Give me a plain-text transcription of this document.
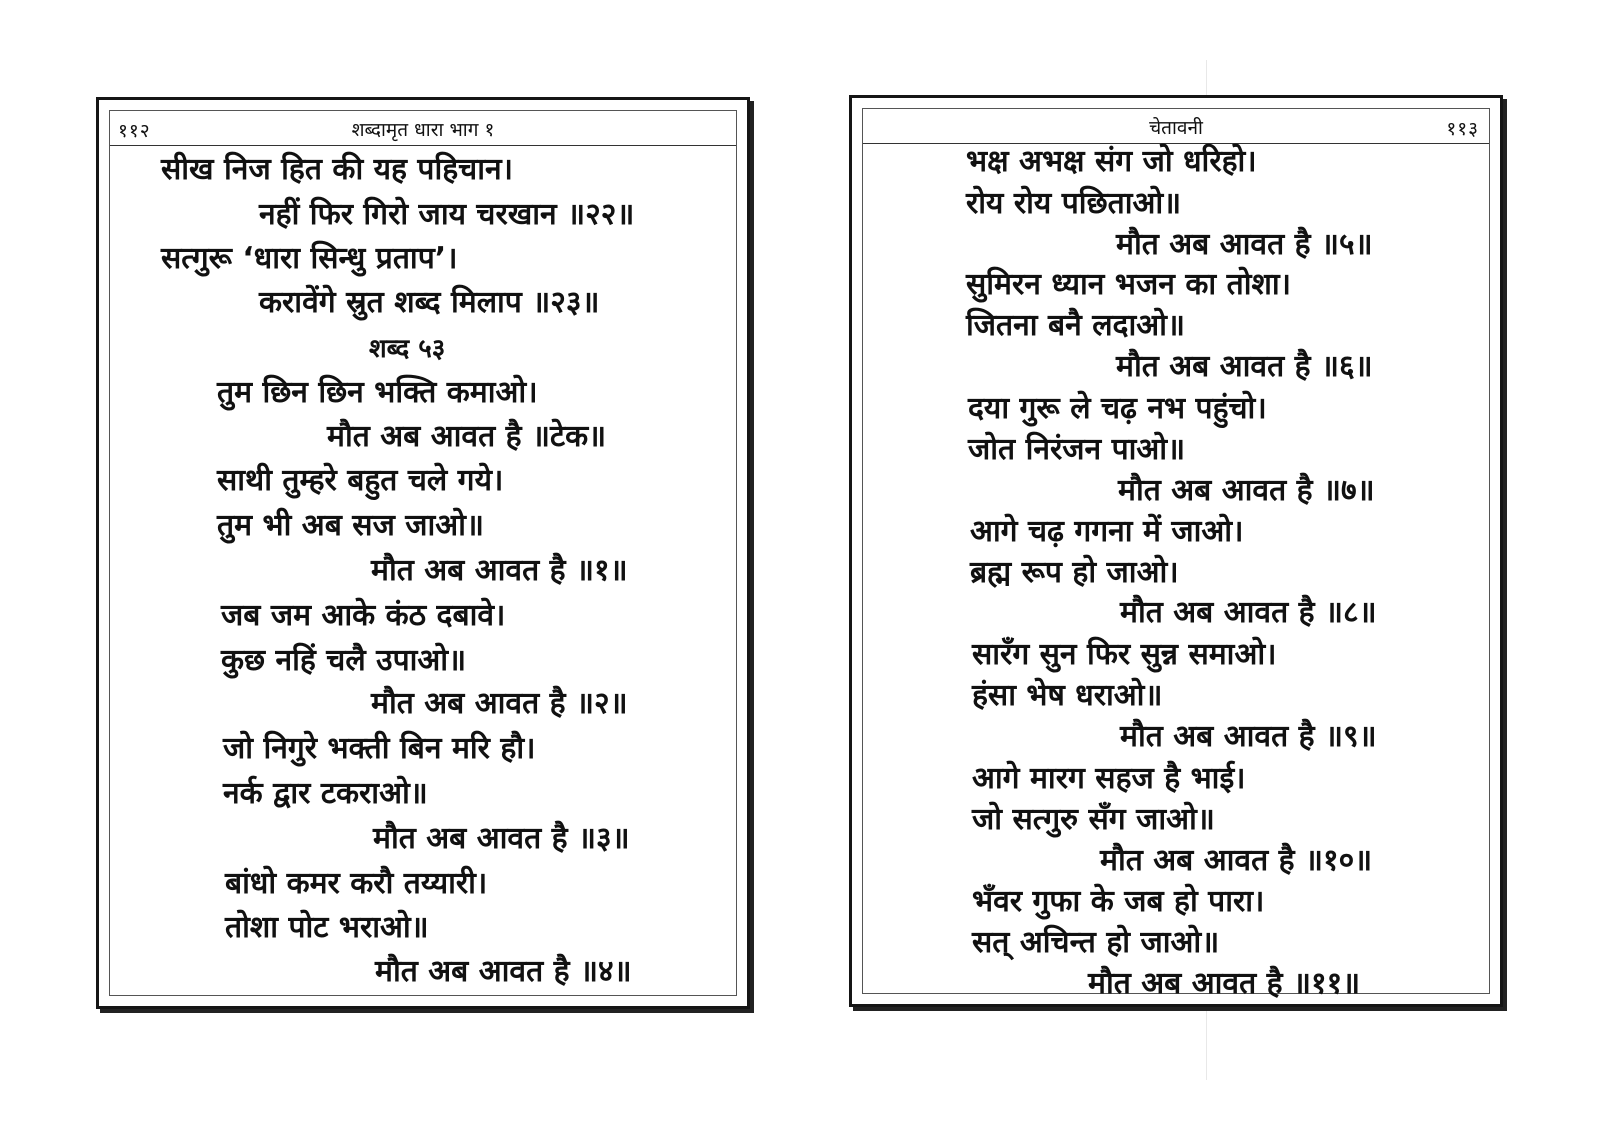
११२	शब्दामृत धारा भाग १
सीख निज हित की यह पहिचान।
नहीं फिर गिरो जाय चरखान ॥२२॥
सत्गुरू ‘धारा सिन्धु प्रताप’।
करावेंगे स्रुत शब्द मिलाप ॥२३॥
शब्द ५३
तुम छिन छिन भक्ति कमाओ।
मौत अब आवत है ॥टेक॥
साथी तुम्हरे बहुत चले गये।
तुम भी अब सज जाओ॥
मौत अब आवत है ॥१॥
जब जम आके कंठ दबावे।
कुछ नहिं चलै उपाओ॥
मौत अब आवत है ॥२॥
जो निगुरे भक्ती बिन मरि हौ।
नर्क द्वार टकराओ॥
मौत अब आवत है ॥३॥
बांधो कमर करौ तय्यारी।
तोशा पोट भराओ॥
मौत अब आवत है ॥४॥
चेतावनी	११३
भक्ष अभक्ष संग जो धरिहो।
रोय रोय पछिताओ॥
मौत अब आवत है ॥५॥
सुमिरन ध्यान भजन का तोशा।
जितना बनै लदाओ॥
मौत अब आवत है ॥६॥
दया गुरू ले चढ़ नभ पहुंचो।
जोत निरंजन पाओ॥
मौत अब आवत है ॥७॥
आगे चढ़ गगना में जाओ।
ब्रह्म रूप हो जाओ।
मौत अब आवत है ॥८॥
सारँग सुन फिर सुन्न समाओ।
हंसा भेष धराओ॥
मौत अब आवत है ॥९॥
आगे मारग सहज है भाई।
जो सत्गुरु सँग जाओ॥
मौत अब आवत है ॥१०॥
भँवर गुफा के जब हो पारा।
सत् अचिन्त हो जाओ॥
मौत अब आवत है ॥११॥
